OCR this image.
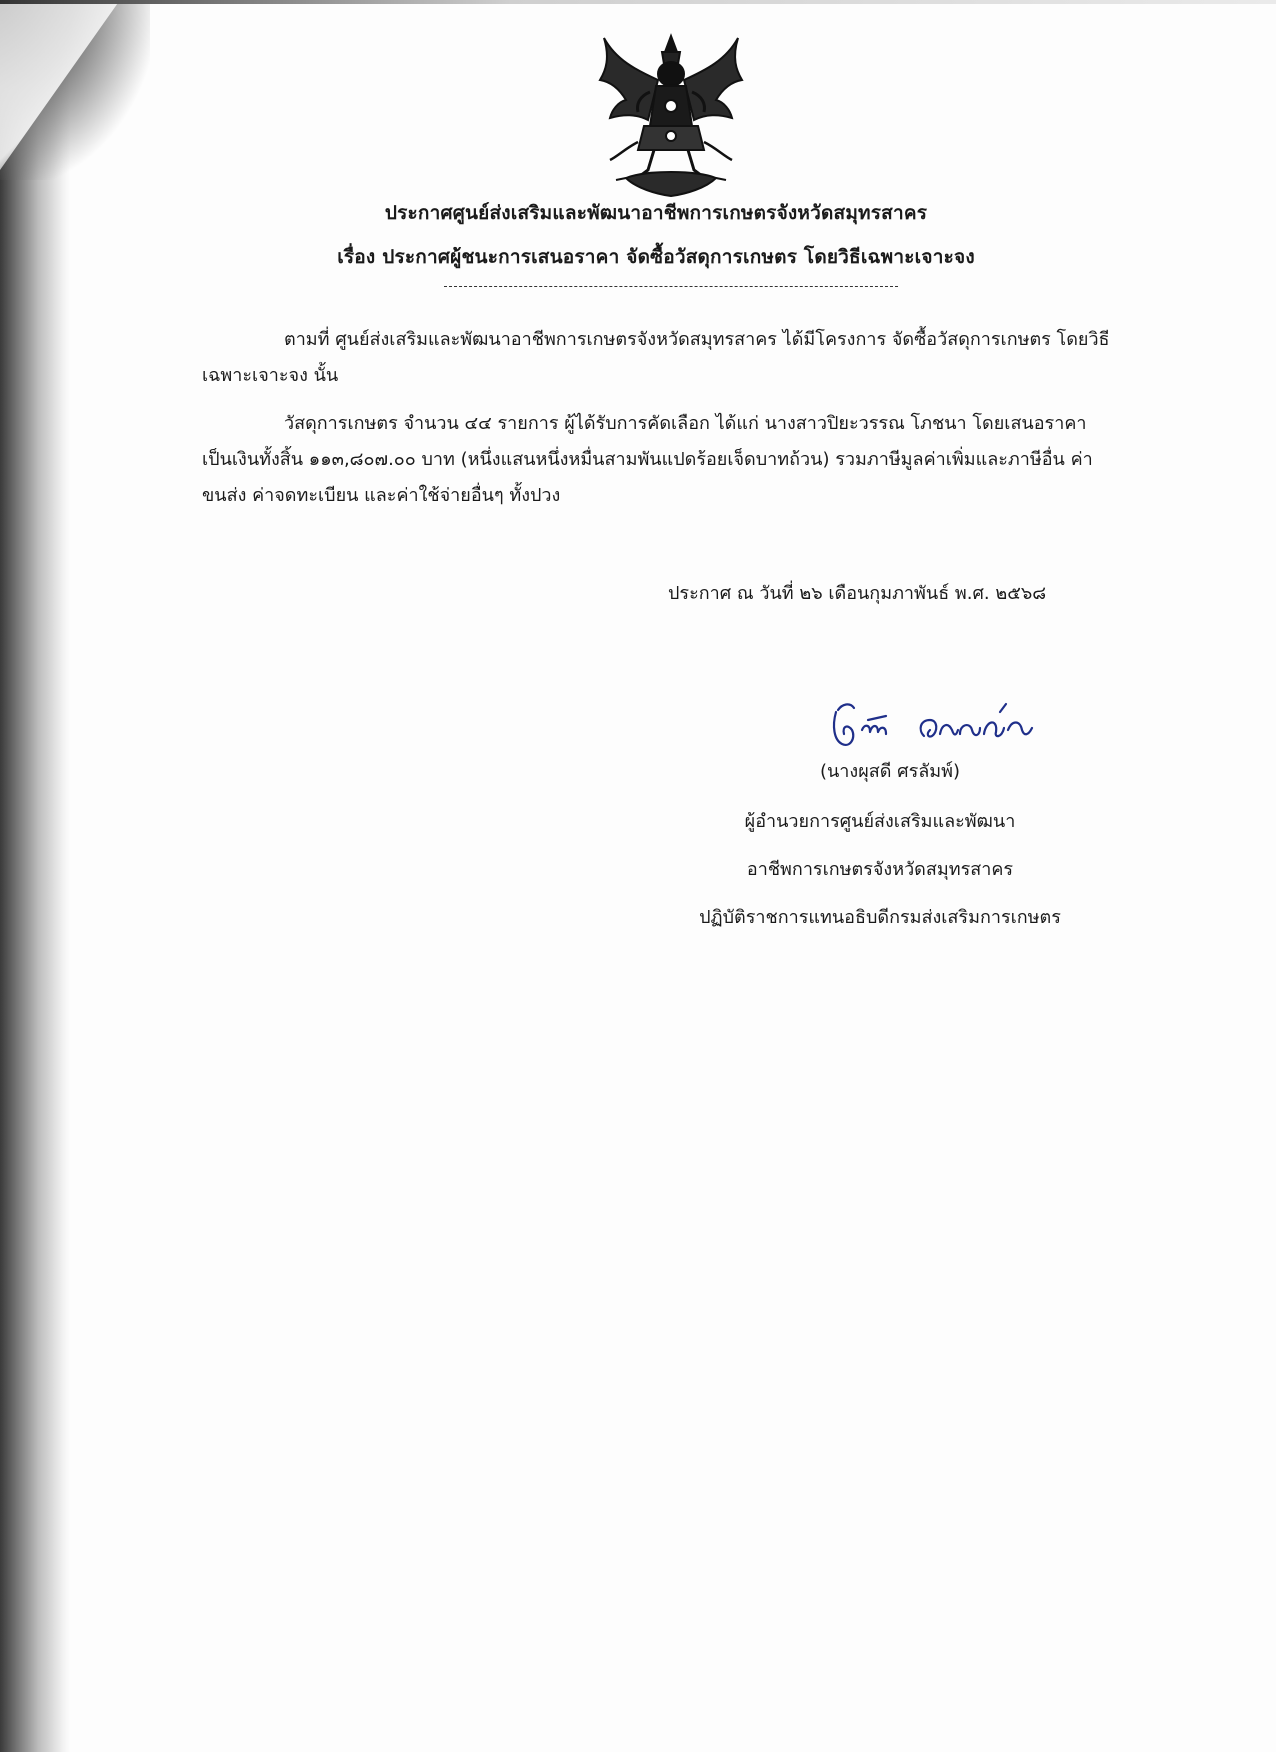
ประกาศศูนย์ส่งเสริมและพัฒนาอาชีพการเกษตรจังหวัดสมุทรสาคร
เรื่อง ประกาศผู้ชนะการเสนอราคา จัดซื้อวัสดุการเกษตร โดยวิธีเฉพาะเจาะจง
ตามที่ ศูนย์ส่งเสริมและพัฒนาอาชีพการเกษตรจังหวัดสมุทรสาคร ได้มีโครงการ จัดซื้อวัสดุการเกษตร โดยวิธีเฉพาะเจาะจง นั้น
วัสดุการเกษตร จำนวน ๔๔ รายการ ผู้ได้รับการคัดเลือก ได้แก่ นางสาวปิยะวรรณ โภชนา โดยเสนอราคา เป็นเงินทั้งสิ้น ๑๑๓,๘๐๗.๐๐ บาท (หนึ่งแสนหนึ่งหมื่นสามพันแปดร้อยเจ็ดบาทถ้วน) รวมภาษีมูลค่าเพิ่มและภาษีอื่น ค่าขนส่ง ค่าจดทะเบียน และค่าใช้จ่ายอื่นๆ ทั้งปวง
ประกาศ ณ วันที่ ๒๖ เดือนกุมภาพันธ์ พ.ศ. ๒๕๖๘
(นางผุสดี ศรลัมพ์)
ผู้อำนวยการศูนย์ส่งเสริมและพัฒนา
อาชีพการเกษตรจังหวัดสมุทรสาคร
ปฏิบัติราชการแทนอธิบดีกรมส่งเสริมการเกษตร
